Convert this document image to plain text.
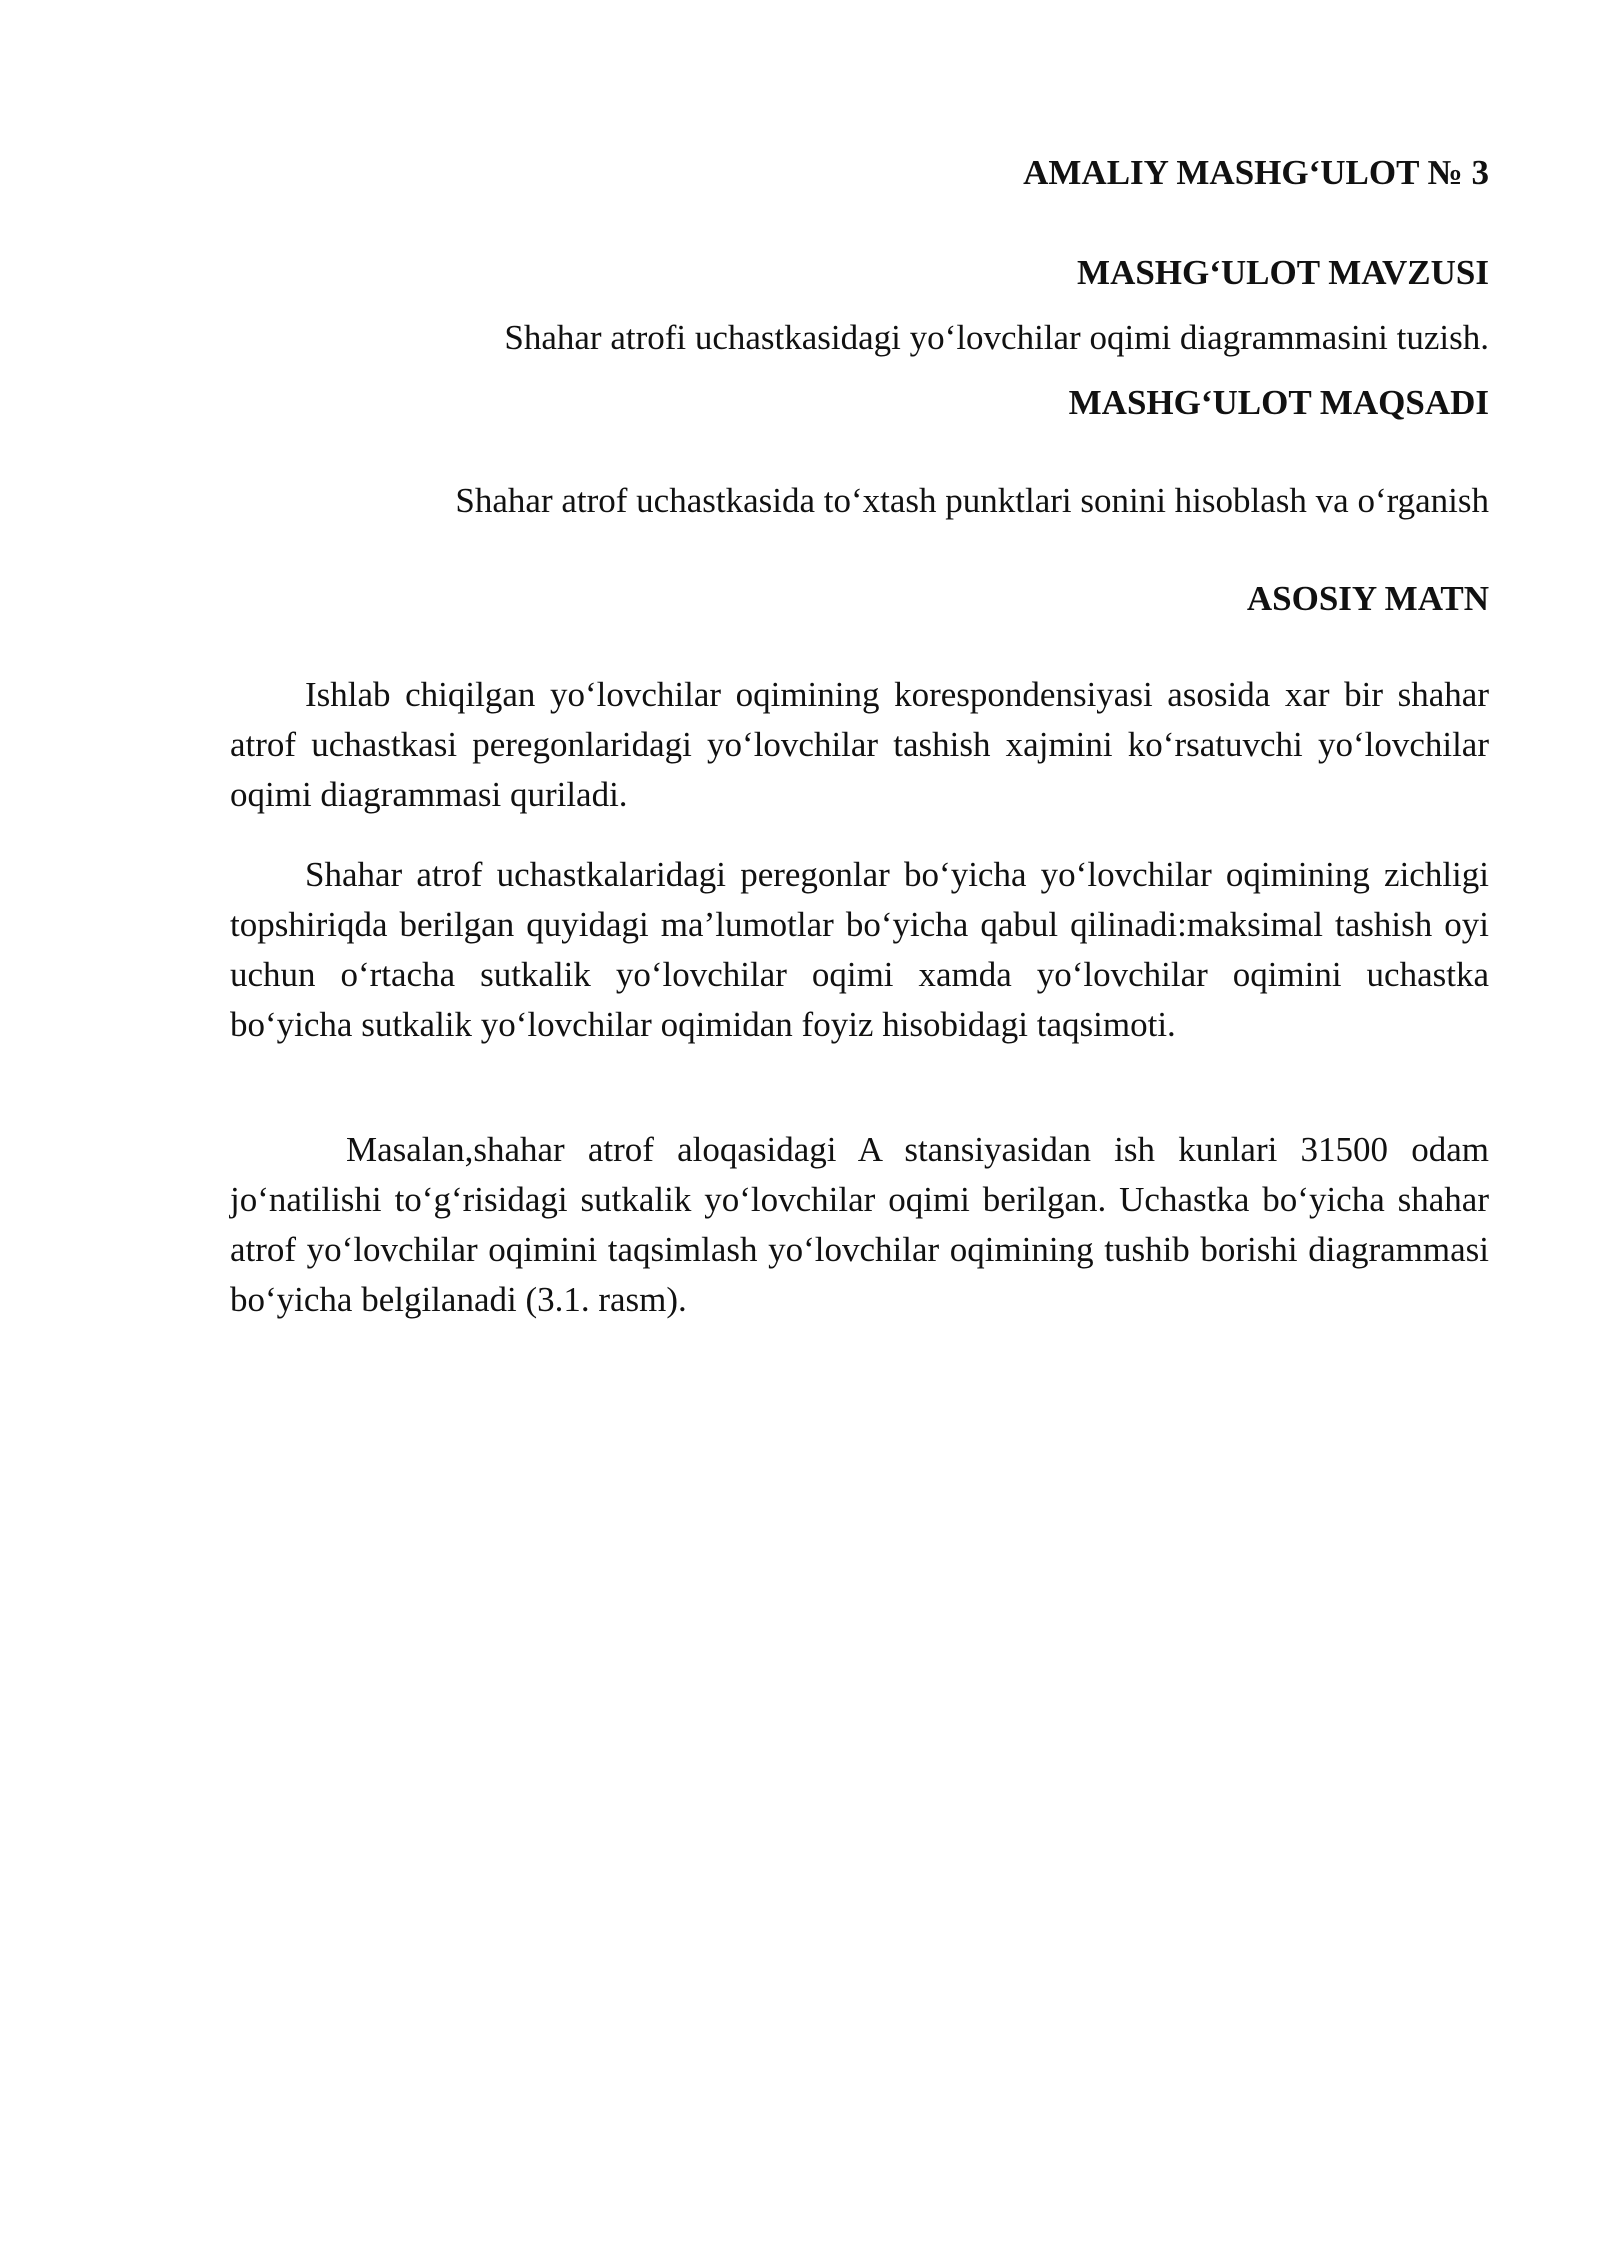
AMALIY MASHG‘ULOT № 3
MASHG‘ULOT MAVZUSI
Shahar atrofi uchastkasidagi yo‘lovchilar oqimi diagrammasini tuzish.
MASHG‘ULOT MAQSADI
Shahar atrof uchastkasida to‘xtash punktlari sonini hisoblash va o‘rganish
ASOSIY MATN

Ishlab chiqilgan yo‘lovchilar oqimining korespondensiyasi asosida xar bir shahar atrof uchastkasi peregonlaridagi yo‘lovchilar tashish xajmini ko‘rsatuvchi yo‘lovchilar oqimi diagrammasi quriladi.

Shahar atrof uchastkalaridagi peregonlar bo‘yicha yo‘lovchilar oqimining zichligi topshiriqda berilgan quyidagi ma’lumotlar bo‘yicha qabul qilinadi:maksimal tashish oyi uchun o‘rtacha sutkalik yo‘lovchilar oqimi xamda yo‘lovchilar oqimini uchastka bo‘yicha sutkalik yo‘lovchilar oqimidan foyiz hisobidagi taqsimoti.

Masalan,shahar atrof aloqasidagi A stansiyasidan ish kunlari 31500 odam jo‘natilishi to‘g‘risidagi sutkalik yo‘lovchilar oqimi berilgan. Uchastka bo‘yicha shahar atrof yo‘lovchilar oqimini taqsimlash yo‘lovchilar oqimining tushib borishi diagrammasi bo‘yicha belgilanadi (3.1. rasm).
